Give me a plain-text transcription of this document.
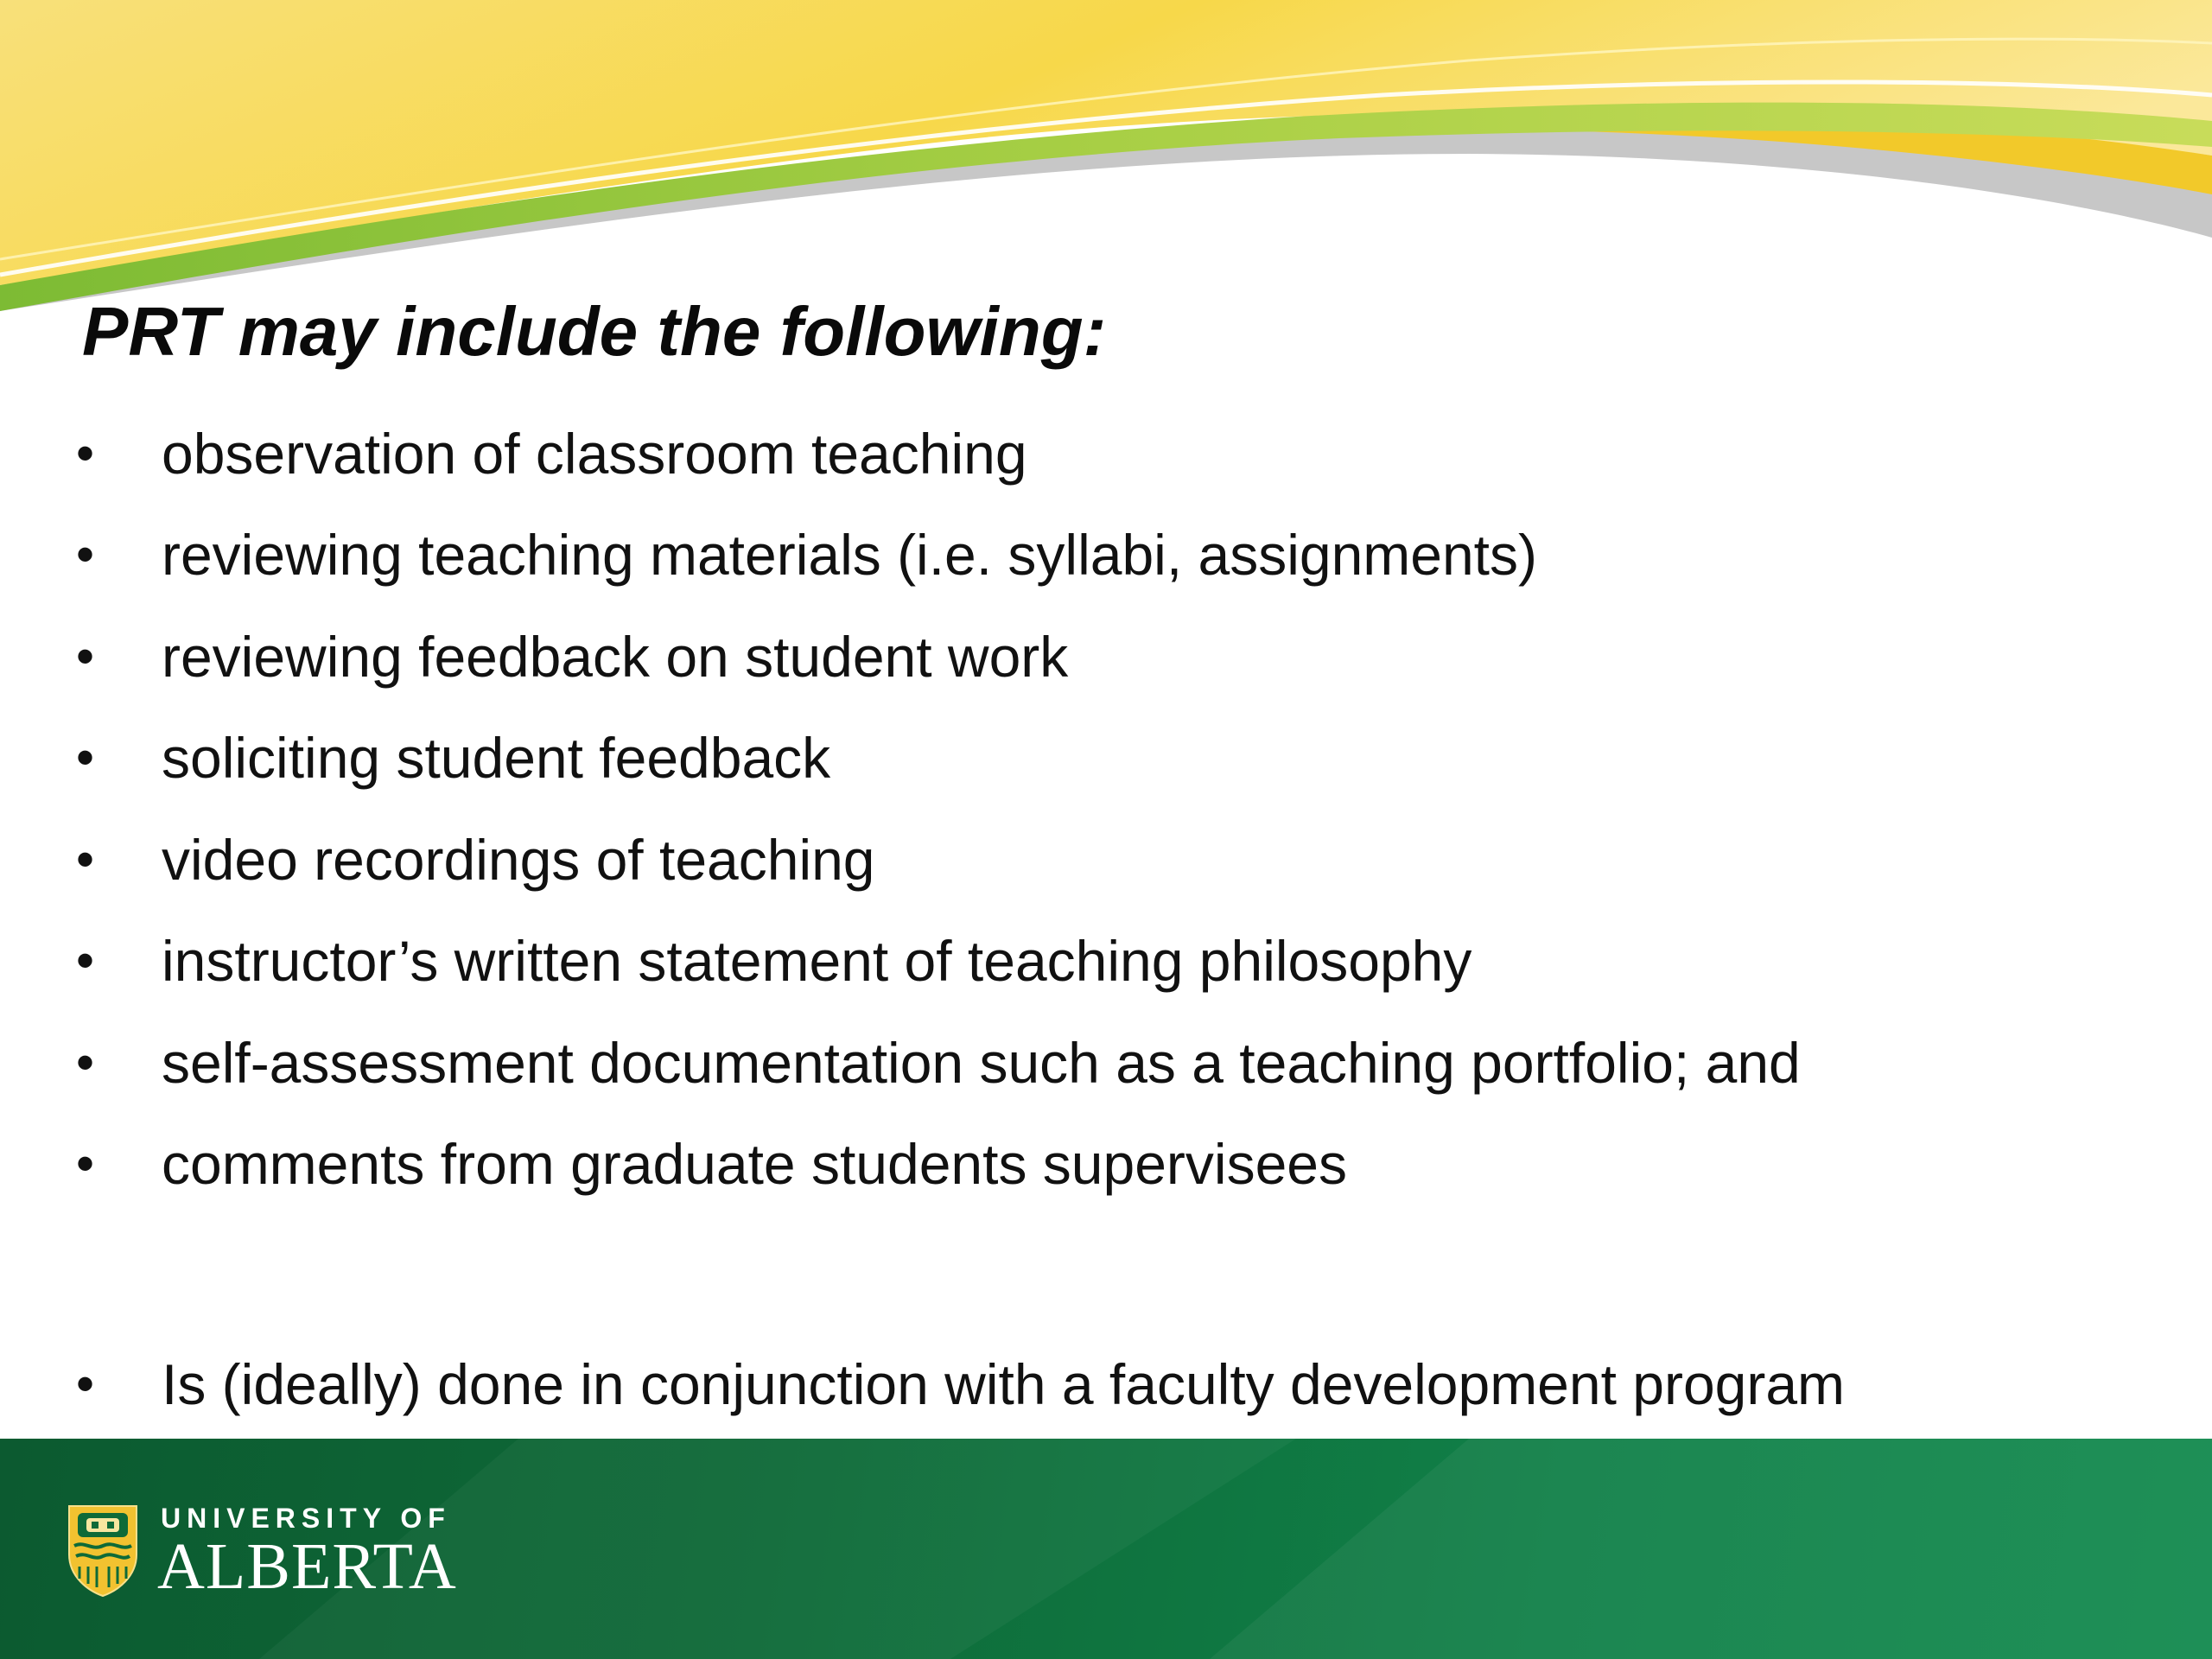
PRT may include the following:
• observation of classroom teaching
• reviewing teaching materials (i.e. syllabi, assignments)
• reviewing feedback on student work
• soliciting student feedback
• video recordings of teaching
• instructor’s written statement of teaching philosophy
• self-assessment documentation such as a teaching portfolio; and
• comments from graduate students supervisees
• Is (ideally) done in conjunction with a faculty development program
UNIVERSITY OF
ALBERTA
